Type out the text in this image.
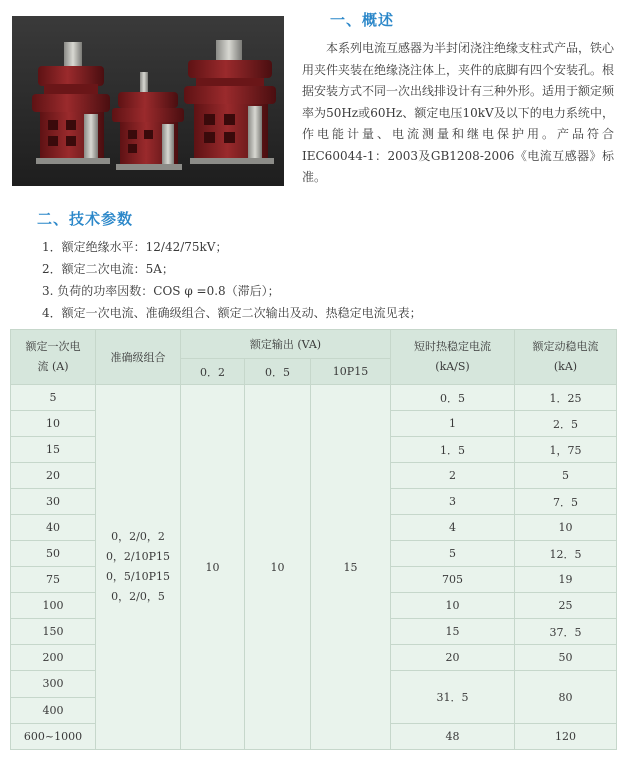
一、概述

本系列电流互感器为半封闭浇注绝缘支柱式产品，铁心用夹件夹装在绝缘浇注体上，夹件的底脚有四个安装孔。根据安装方式不同一次出线排设计有三种外形。适用于额定频率为50Hz或60Hz、额定电压10kV及以下的电力系统中，作电能计量、电流测量和继电保护用。产品符合IEC60044-1：2003及GB1208-2006《电流互感器》标准。

二、技术参数
1．额定绝缘水平：12/42/75kV；
2．额定二次电流：5A；
3. 负荷的功率因数：COS φ =0.8（滞后）；
4．额定一次电流、准确级组合、额定二次输出及动、热稳定电流见表；
额定一次电
流 (A)	准确级组合	额定输出 (VA)			短时热稳定电流
(kA/S)	额定动稳电流
(kA)
		0．2	0．5	10P15		
5	0，2/0，2
0，2/10P15
0，5/10P15
0，2/0，5	10	10	15	0．5	1．25
10					1	2．5
15					1．5	1，75
20					2	5
30					3	7．5
40					4	10
50					5	12．5
75					705	19
100					10	25
150					15	37．5
200					20	50
300					31．5	80
400						
600~1000					48	120
